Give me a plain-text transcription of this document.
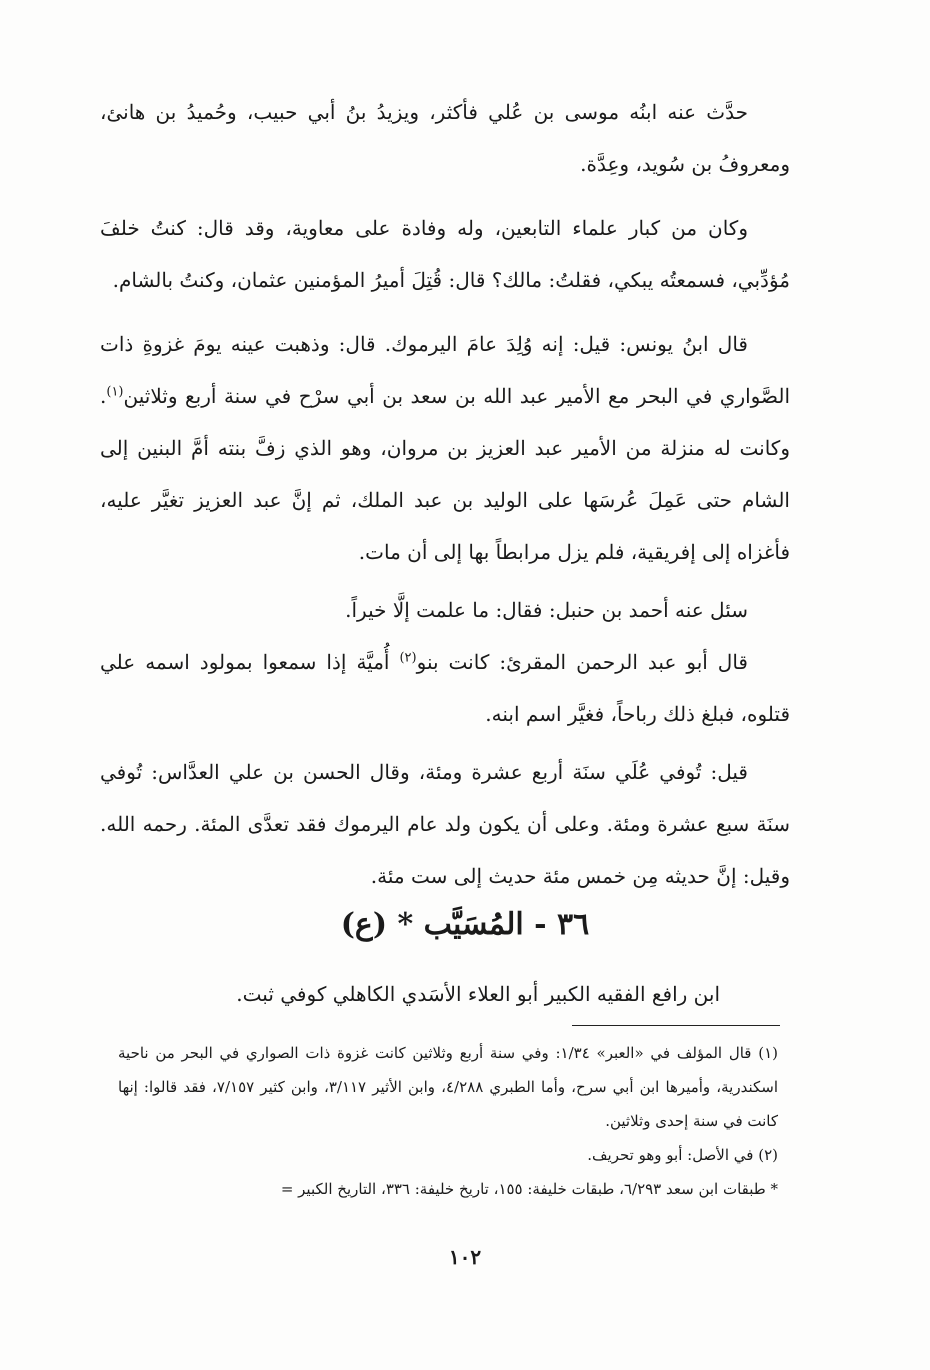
حدَّث عنه ابنُه موسى بن عُلي فأكثر، ويزيدُ بنُ أبي حبيب، وحُميدُ بن هانئ، ومعروفُ بن سُويد، وعِدَّة.

وكان من كبار علماء التابعين، وله وفادة على معاوية، وقد قال: كنتُ خلفَ مُؤدِّبي، فسمعتُه يبكي، فقلتُ: مالك؟ قال: قُتِلَ أميرُ المؤمنين عثمان، وكنتُ بالشام.

قال ابنُ يونس: قيل: إنه وُلِدَ عامَ اليرموك. قال: وذهبت عينه يومَ غزوةِ ذات الصَّواري في البحر مع الأمير عبد الله بن سعد بن أبي سرْح في سنة أربع وثلاثين$^{(١)}$. وكانت له منزلة من الأمير عبد العزيز بن مروان، وهو الذي زفَّ بنته أمَّ البنين إلى الشام حتى عَمِلَ عُرسَها على الوليد بن عبد الملك، ثم إنَّ عبد العزيز تغيَّر عليه، فأغزاه إلى إفريقية، فلم يزل مرابطاً بها إلى أن مات.

سئل عنه أحمد بن حنبل: فقال: ما علمت إلَّا خيراً.

قال أبو عبد الرحمن المقرئ: كانت بنو$^{(٢)}$ أُميَّة إذا سمعوا بمولود اسمه علي قتلوه، فبلغ ذلك رباحاً، فغيَّر اسم ابنه.

قيل: تُوفي عُلَي سنَة أربع عشرة ومئة، وقال الحسن بن علي العدَّاس: تُوفي سنَة سبع عشرة ومئة. وعلى أن يكون ولد عام اليرموك فقد تعدَّى المئة. رحمه الله. وقيل: إنَّ حديثه مِن خمس مئة حديث إلى ست مئة.

٣٦ - المُسَيَّب * (ع)
ابن رافع الفقيه الكبير أبو العلاء الأسَدي الكاهلي كوفي ثبت.

(١) قال المؤلف في «العبر» ١/٣٤: وفي سنة أربع وثلاثين كانت غزوة ذات الصواري في البحر من ناحية اسكندرية، وأميرها ابن أبي سرح، وأما الطبري ٤/٢٨٨، وابن الأثير ٣/١١٧، وابن كثير ٧/١٥٧، فقد قالوا: إنها كانت في سنة إحدى وثلاثين.

(٢) في الأصل: أبو وهو تحريف.

* طبقات ابن سعد ٦/٢٩٣، طبقات خليفة: ١٥٥، تاريخ خليفة: ٣٣٦، التاريخ الكبير =

١٠٢
